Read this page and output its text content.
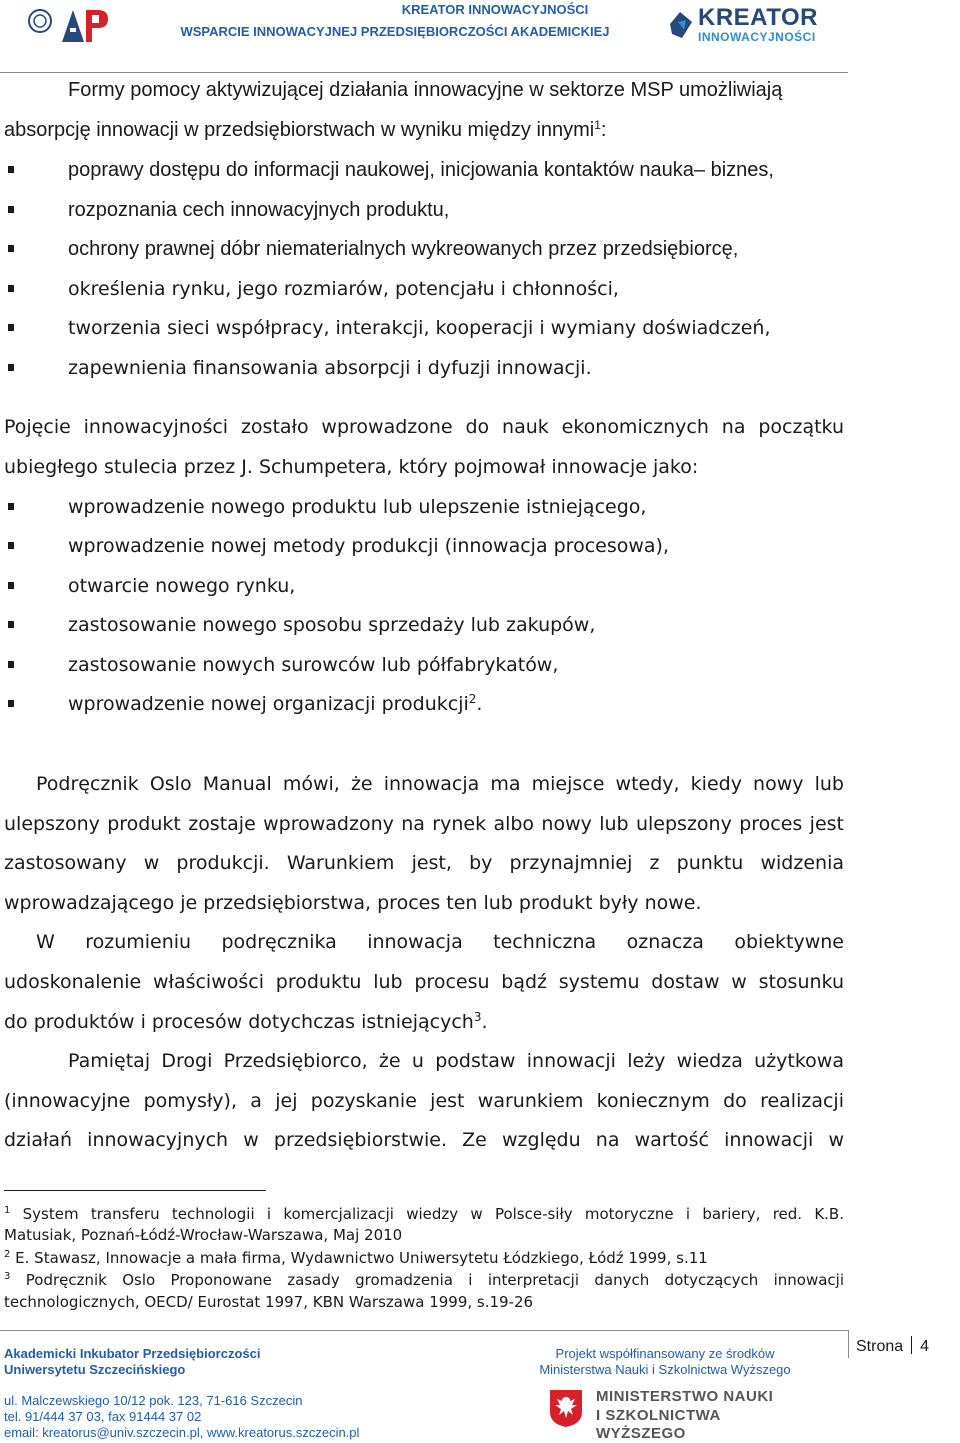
KREATOR INNOWACYJNOŚCI
WSPARCIE INNOWACYJNEJ PRZEDSIĘBIORCZOŚCI AKADEMICKIEJ
KREATOR
INNOWACYJNOŚCI
Formy pomocy aktywizującej działania innowacyjne w sektorze MSP umożliwiają
absorpcję innowacji w przedsiębiorstwach w wyniku między innymi$^1$:
poprawy dostępu do informacji naukowej, inicjowania kontaktów nauka– biznes,
rozpoznania cech innowacyjnych produktu,
ochrony prawnej dóbr niematerialnych wykreowanych przez przedsiębiorcę,
określenia rynku, jego rozmiarów, potencjału i chłonności,
tworzenia sieci współpracy, interakcji, kooperacji i wymiany doświadczeń,
zapewnienia finansowania absorpcji i dyfuzji innowacji.
Pojęcie innowacyjności zostało wprowadzone do nauk ekonomicznych na początku
ubiegłego stulecia przez J. Schumpetera, który pojmował innowacje jako:
wprowadzenie nowego produktu lub ulepszenie istniejącego,
wprowadzenie nowej metody produkcji (innowacja procesowa),
otwarcie nowego rynku,
zastosowanie nowego sposobu sprzedaży lub zakupów,
zastosowanie nowych surowców lub półfabrykatów,
wprowadzenie nowej organizacji produkcji$^2$.
Podręcznik Oslo Manual mówi, że innowacja ma miejsce wtedy, kiedy nowy lub
ulepszony produkt zostaje wprowadzony na rynek albo nowy lub ulepszony proces jest
zastosowany w produkcji. Warunkiem jest, by przynajmniej z punktu widzenia
wprowadzającego je przedsiębiorstwa, proces ten lub produkt były nowe.
W rozumieniu podręcznika innowacja techniczna oznacza obiektywne
udoskonalenie właściwości produktu lub procesu bądź systemu dostaw w stosunku
do produktów i procesów dotychczas istniejących$^3$.
Pamiętaj Drogi Przedsiębiorco, że u podstaw innowacji leży wiedza użytkowa
(innowacyjne pomysły), a jej pozyskanie jest warunkiem koniecznym do realizacji
działań innowacyjnych w przedsiębiorstwie. Ze względu na wartość innowacji w
$^1$ System transferu technologii i komercjalizacji wiedzy w Polsce-siły motoryczne i bariery, red. K.B.
Matusiak, Poznań-Łódź-Wrocław-Warszawa, Maj 2010
$^2$ E. Stawasz, Innowacje a mała firma, Wydawnictwo Uniwersytetu Łódzkiego, Łódź 1999, s.11
$^3$ Podręcznik Oslo Proponowane zasady gromadzenia i interpretacji danych dotyczących innowacji
technologicznych, OECD/ Eurostat 1997, KBN Warszawa 1999, s.19-26
Akademicki Inkubator Przedsiębiorczości
Uniwersytetu Szczecińskiego
ul. Malczewskiego 10/12 pok. 123, 71-616 Szczecin
tel. 91/444 37 03, fax 91444 37 02
email: kreatorus@univ.szczecin.pl, www.kreatorus.szczecin.pl
Projekt współfinansowany ze środków
Ministerstwa Nauki i Szkolnictwa Wyższego
Strona 4
MINISTERSTWO NAUKI
I SZKOLNICTWA WYŻSZEGO
